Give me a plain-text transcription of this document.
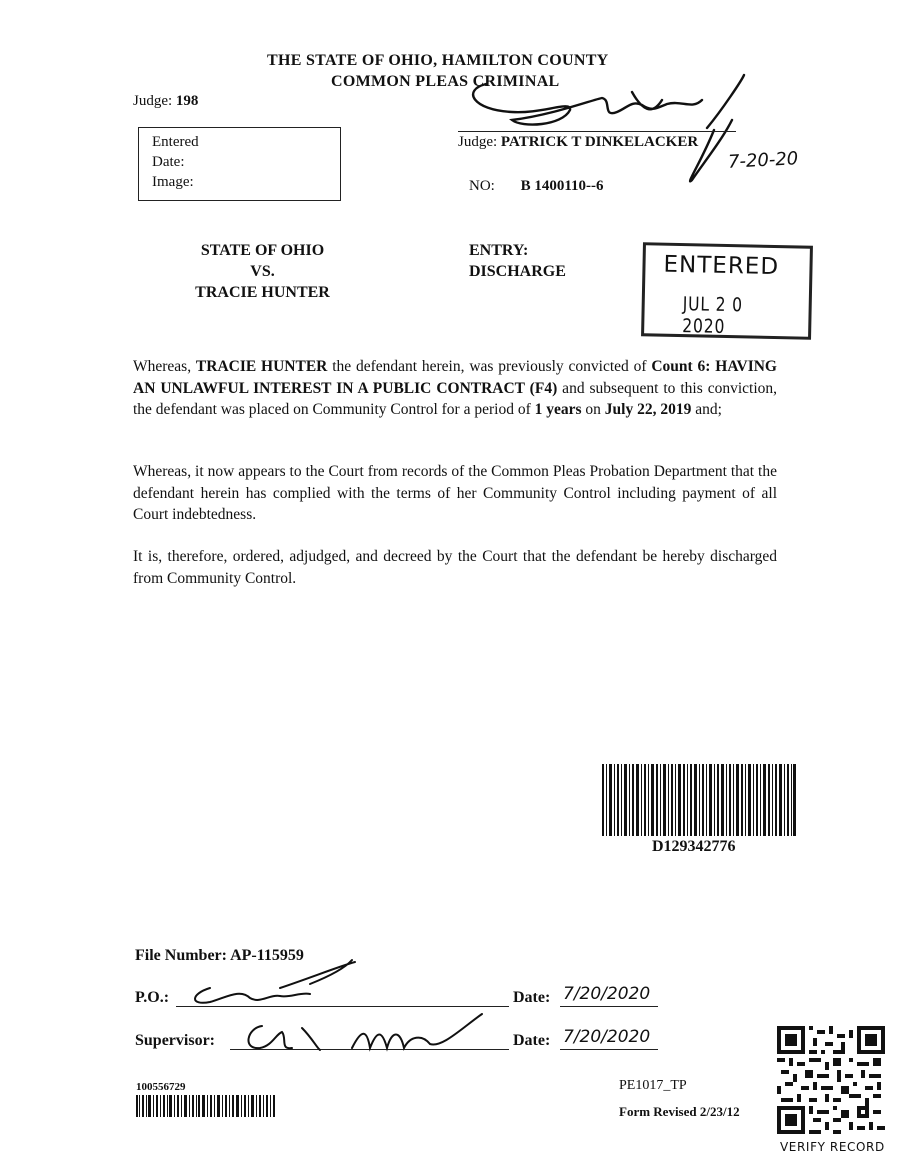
THE STATE OF OHIO, HAMILTON COUNTY
COMMON PLEAS CRIMINAL
Judge: 198
Judge: PATRICK T DINKELACKER
7-20-20
NO: B 1400110--6
Entered
Date:
Image:
STATE OF OHIO
VS.
TRACIE HUNTER
ENTRY:
DISCHARGE	ENTERED
JUL 2 0 2020
Whereas, TRACIE HUNTER the defendant herein, was previously convicted of Count 6: HAVING AN UNLAWFUL INTEREST IN A PUBLIC CONTRACT (F4) and subsequent to this conviction, the defendant was placed on Community Control for a period of 1 years on July 22, 2019 and;
Whereas, it now appears to the Court from records of the Common Pleas Probation Department that the defendant herein has complied with the terms of her Community Control including payment of all Court indebtedness.
It is, therefore, ordered, adjudged, and decreed by the Court that the defendant be hereby discharged from Community Control.
D129342776
File Number: AP-115959
P.O.:	Date: 7/20/2020
Supervisor:	Date: 7/20/2020
100556729	PE1017_TP
Form Revised 2/23/12
VERIFY RECORD
